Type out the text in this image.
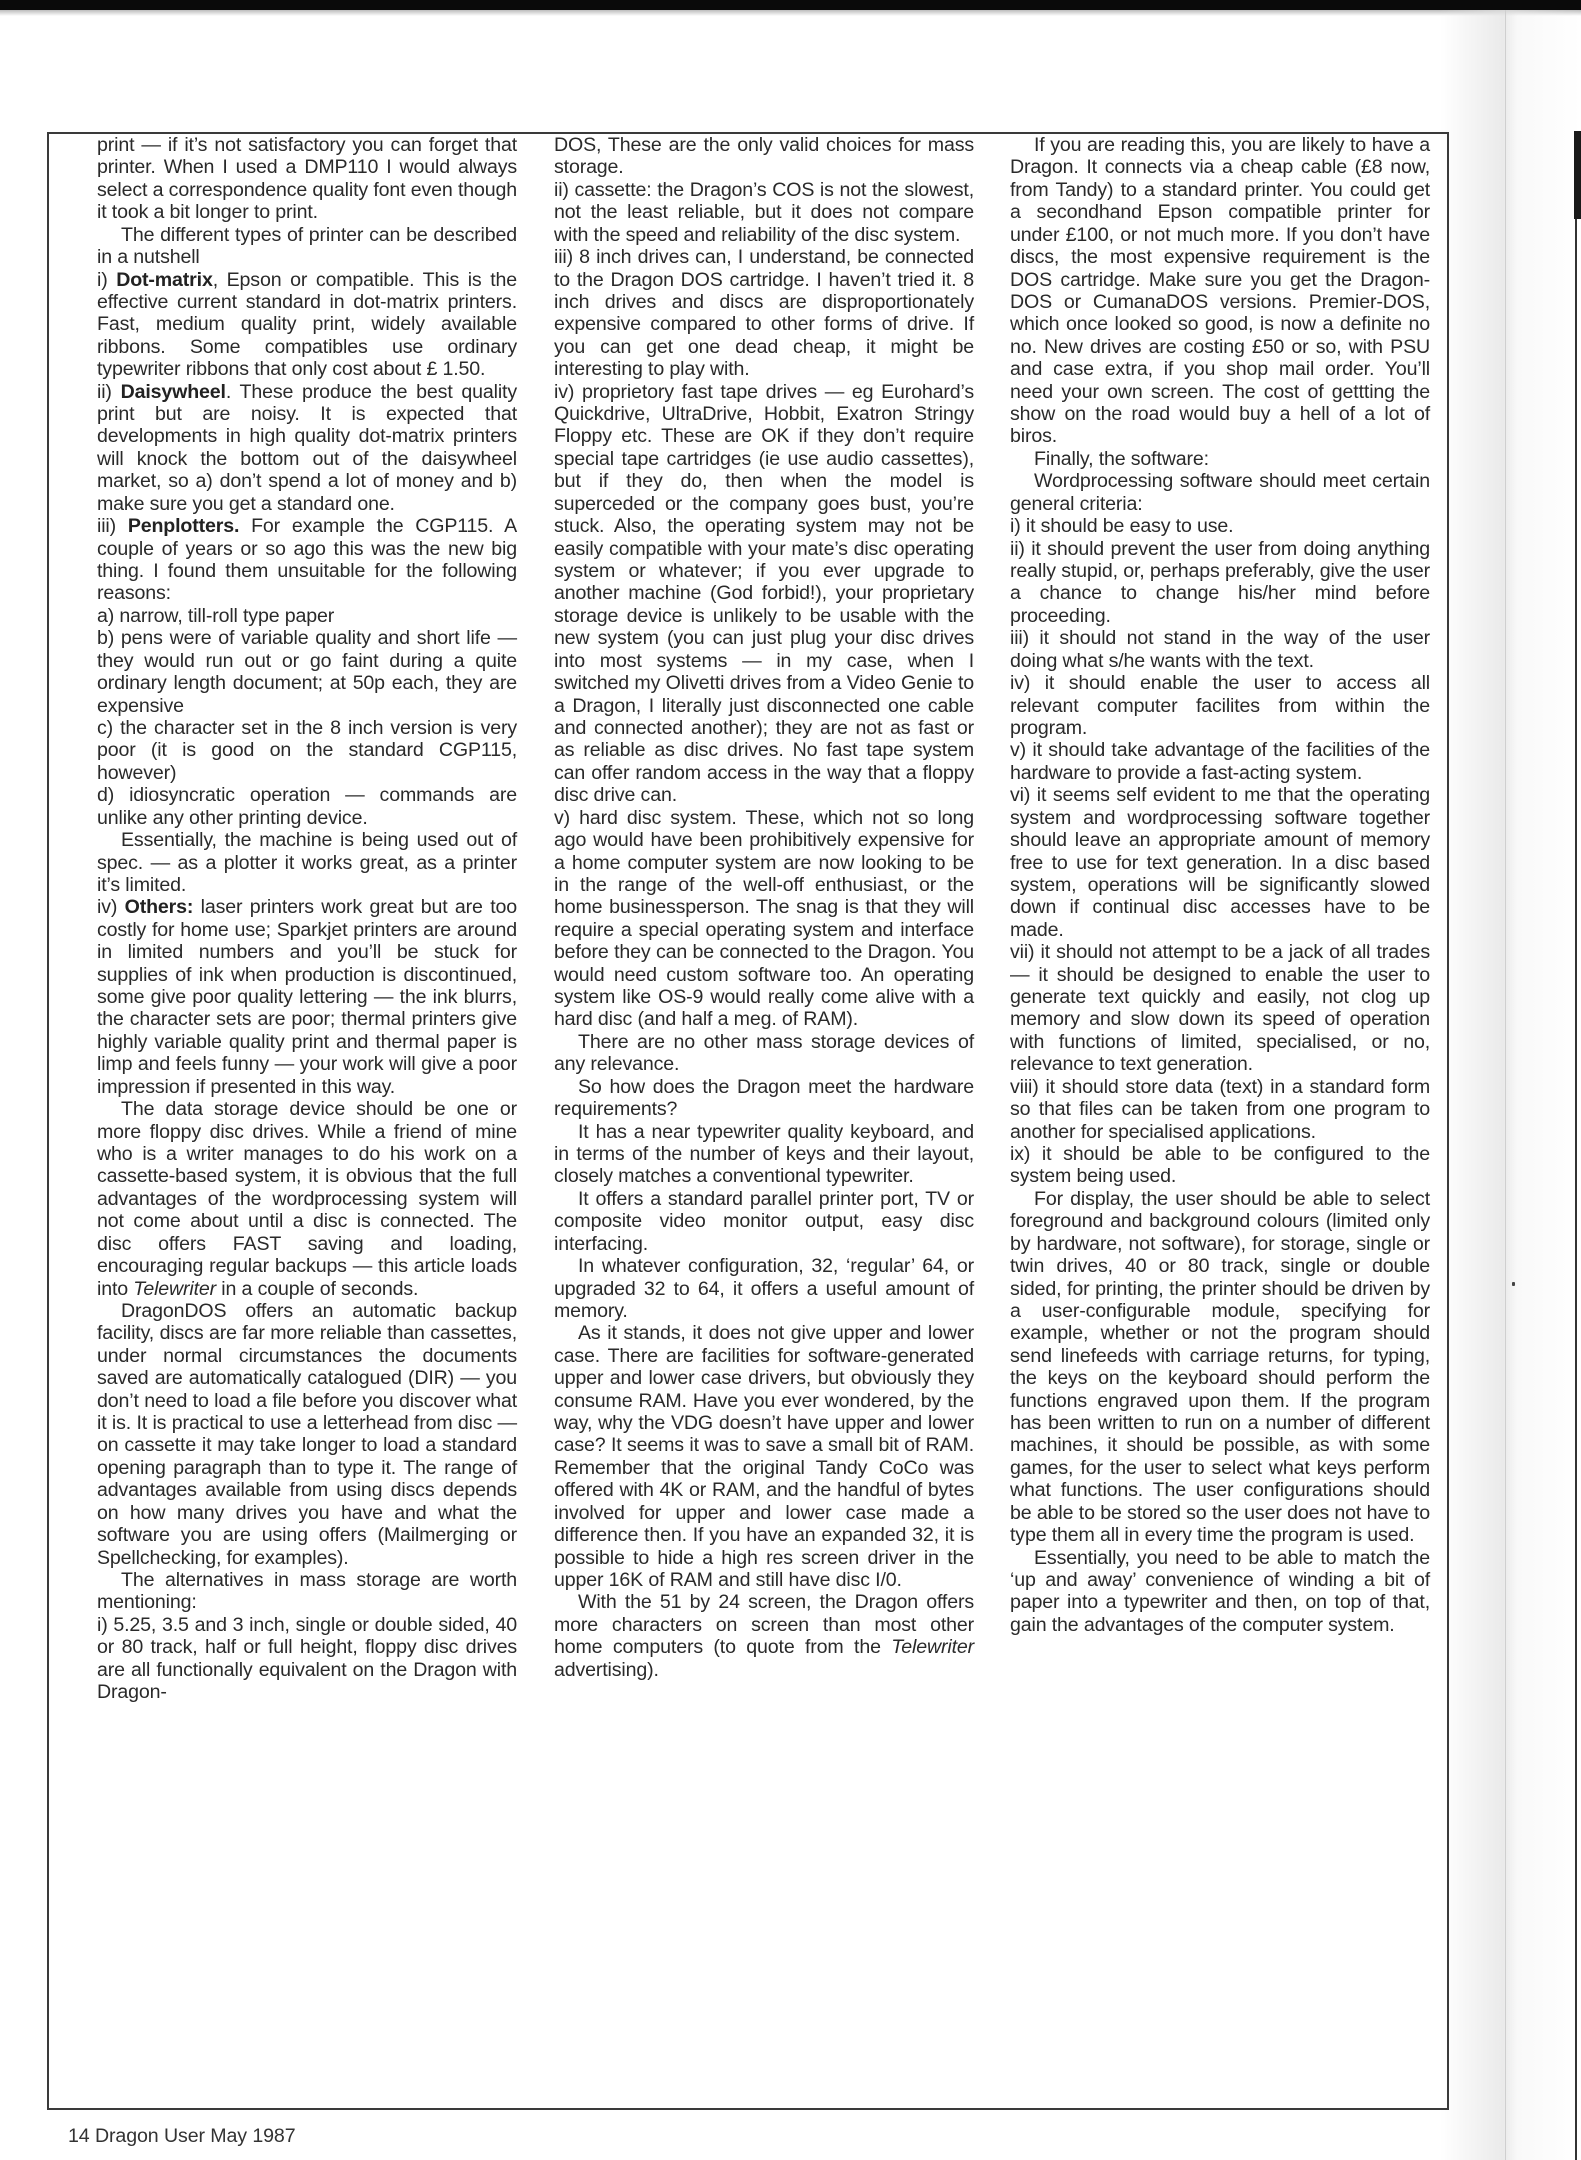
print — if it’s not satisfactory you can forget that printer. When I used a DMP110 I would always select a correspondence quality font even though it took a bit longer to print.

The different types of printer can be described in a nutshell

i) Dot-matrix, Epson or compatible. This is the effective current standard in dot-matrix printers. Fast, medium quality print, widely available ribbons. Some compatibles use ordinary typewriter ribbons that only cost about £ 1.50.

ii) Daisywheel. These produce the best quality print but are noisy. It is expected that developments in high quality dot-matrix printers will knock the bottom out of the daisywheel market, so a) don’t spend a lot of money and b) make sure you get a standard one.

iii) Penplotters. For example the CGP115. A couple of years or so ago this was the new big thing. I found them unsuitable for the following reasons:

a) narrow, till-roll type paper

b) pens were of variable quality and short life — they would run out or go faint during a quite ordinary length document; at 50p each, they are expensive

c) the character set in the 8 inch version is very poor (it is good on the standard CGP115, however)

d) idiosyncratic operation — commands are unlike any other printing device.

Essentially, the machine is being used out of spec. — as a plotter it works great, as a printer it’s limited.

iv) Others: laser printers work great but are too costly for home use; Sparkjet printers are around in limited numbers and you’ll be stuck for supplies of ink when production is discontinued, some give poor quality lettering — the ink blurrs, the character sets are poor; thermal printers give highly variable quality print and thermal paper is limp and feels funny — your work will give a poor impression if presented in this way.

The data storage device should be one or more floppy disc drives. While a friend of mine who is a writer manages to do his work on a cassette-based system, it is obvious that the full advantages of the wordprocessing system will not come about until a disc is connected. The disc offers FAST saving and loading, encouraging regular backups — this article loads into Telewriter in a couple of seconds.

DragonDOS offers an automatic backup facility, discs are far more reliable than cassettes, under normal circumstances the documents saved are automatically catalogued (DIR) — you don’t need to load a file before you discover what it is. It is practical to use a letterhead from disc — on cassette it may take longer to load a standard opening paragraph than to type it. The range of advantages available from using discs depends on how many drives you have and what the software you are using offers (Mailmerging or Spellchecking, for examples).

The alternatives in mass storage are worth mentioning:

i) 5.25, 3.5 and 3 inch, single or double sided, 40 or 80 track, half or full height, floppy disc drives are all functionally equivalent on the Dragon with Dragon-

DOS, These are the only valid choices for mass storage.

ii) cassette: the Dragon’s COS is not the slowest, not the least reliable, but it does not compare with the speed and reliability of the disc system.

iii) 8 inch drives can, I understand, be connected to the Dragon DOS cartridge. I haven’t tried it. 8 inch drives and discs are disproportionately expensive compared to other forms of drive. If you can get one dead cheap, it might be interesting to play with.

iv) proprietory fast tape drives — eg Eurohard’s Quickdrive, UltraDrive, Hobbit, Exatron Stringy Floppy etc. These are OK if they don’t require special tape cartridges (ie use audio cassettes), but if they do, then when the model is superceded or the company goes bust, you’re stuck. Also, the operating system may not be easily compatible with your mate’s disc operating system or whatever; if you ever upgrade to another machine (God forbid!), your proprietary storage device is unlikely to be usable with the new system (you can just plug your disc drives into most systems — in my case, when I switched my Olivetti drives from a Video Genie to a Dragon, I literally just disconnected one cable and connected another); they are not as fast or as reliable as disc drives. No fast tape system can offer random access in the way that a floppy disc drive can.

v) hard disc system. These, which not so long ago would have been prohibitively expensive for a home computer system are now looking to be in the range of the well-off enthusiast, or the home businessperson. The snag is that they will require a special operating system and interface before they can be connected to the Dragon. You would need custom software too. An operating system like OS-9 would really come alive with a hard disc (and half a meg. of RAM).

There are no other mass storage devices of any relevance.

So how does the Dragon meet the hardware requirements?

It has a near typewriter quality keyboard, and in terms of the number of keys and their layout, closely matches a conventional typewriter.

It offers a standard parallel printer port, TV or composite video monitor output, easy disc interfacing.

In whatever configuration, 32, ‘regular’ 64, or upgraded 32 to 64, it offers a useful amount of memory.

As it stands, it does not give upper and lower case. There are facilities for software-generated upper and lower case drivers, but obviously they consume RAM. Have you ever wondered, by the way, why the VDG doesn’t have upper and lower case? It seems it was to save a small bit of RAM. Remember that the original Tandy CoCo was offered with 4K or RAM, and the handful of bytes involved for upper and lower case made a difference then. If you have an expanded 32, it is possible to hide a high res screen driver in the upper 16K of RAM and still have disc I/0.

With the 51 by 24 screen, the Dragon offers more characters on screen than most other home computers (to quote from the Telewriter advertising).

If you are reading this, you are likely to have a Dragon. It connects via a cheap cable (£8 now, from Tandy) to a standard printer. You could get a secondhand Epson compatible printer for under £100, or not much more. If you don’t have discs, the most expensive requirement is the DOS cartridge. Make sure you get the Dragon-DOS or CumanaDOS versions. Premier-DOS, which once looked so good, is now a definite no no. New drives are costing £50 or so, with PSU and case extra, if you shop mail order. You’ll need your own screen. The cost of gettting the show on the road would buy a hell of a lot of biros.

Finally, the software:

Wordprocessing software should meet certain general criteria:

i) it should be easy to use.

ii) it should prevent the user from doing anything really stupid, or, perhaps preferably, give the user a chance to change his/her mind before proceeding.

iii) it should not stand in the way of the user doing what s/he wants with the text.

iv) it should enable the user to access all relevant computer facilites from within the program.

v) it should take advantage of the facilities of the hardware to provide a fast-acting system.

vi) it seems self evident to me that the operating system and wordprocessing software together should leave an appropriate amount of memory free to use for text generation. In a disc based system, operations will be significantly slowed down if continual disc accesses have to be made.

vii) it should not attempt to be a jack of all trades — it should be designed to enable the user to generate text quickly and easily, not clog up memory and slow down its speed of operation with functions of limited, specialised, or no, relevance to text generation.

viii) it should store data (text) in a standard form so that files can be taken from one program to another for specialised applications.

ix) it should be able to be configured to the system being used.

For display, the user should be able to select foreground and background colours (limited only by hardware, not software), for storage, single or twin drives, 40 or 80 track, single or double sided, for printing, the printer should be driven by a user-configurable module, specifying for example, whether or not the program should send linefeeds with carriage returns, for typing, the keys on the keyboard should perform the functions engraved upon them. If the program has been written to run on a number of different machines, it should be possible, as with some games, for the user to select what keys perform what functions. The user configurations should be able to be stored so the user does not have to type them all in every time the program is used.

Essentially, you need to be able to match the ‘up and away’ convenience of winding a bit of paper into a typewriter and then, on top of that, gain the advantages of the computer system.

14 Dragon User May 1987
